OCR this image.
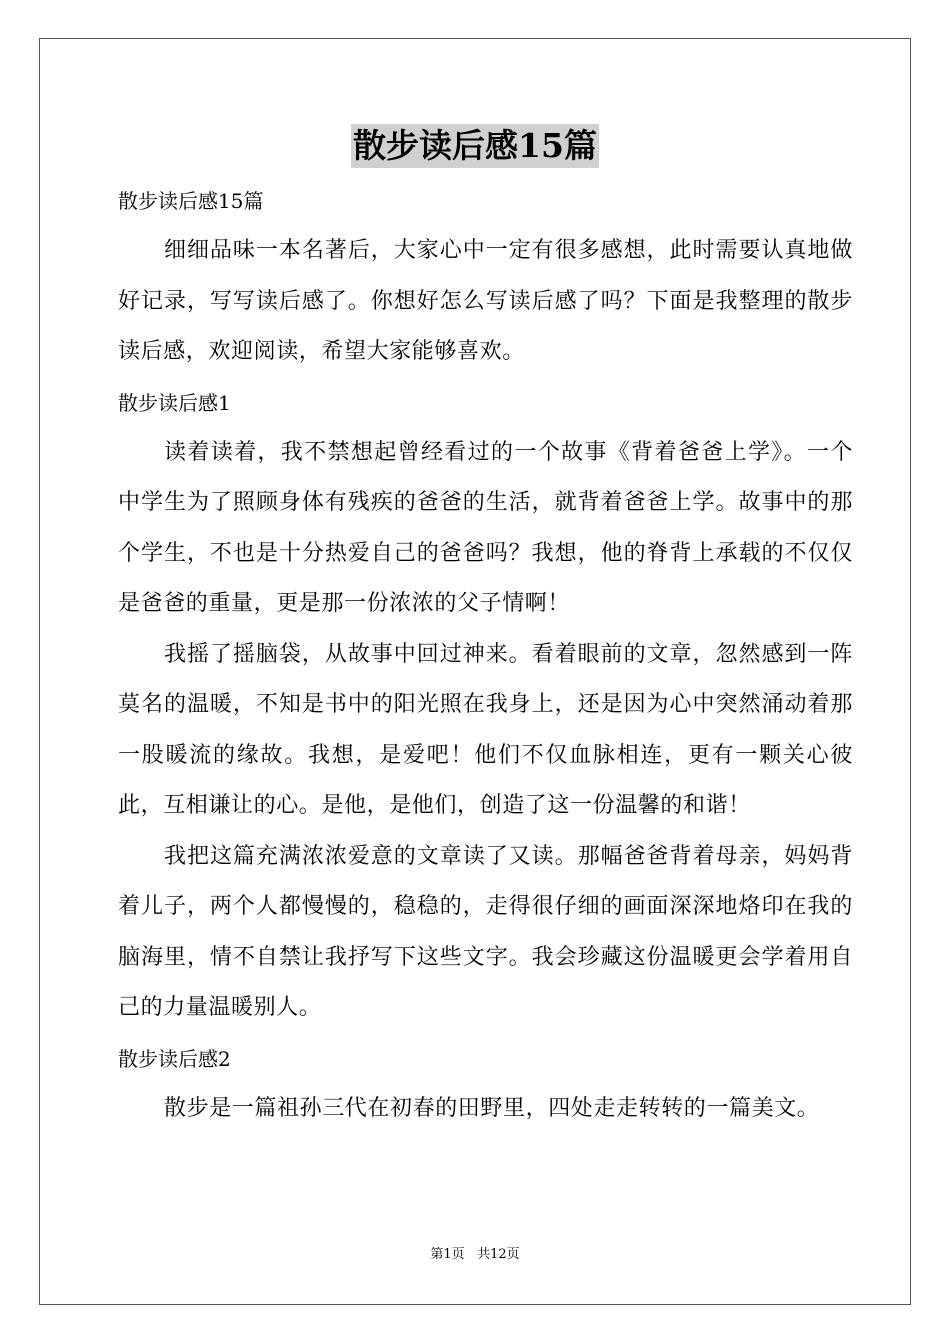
散步读后感15篇

散步读后感15篇

细细品味一本名著后，大家心中一定有很多感想，此时需要认真地做好记录，写写读后感了。你想好怎么写读后感了吗？下面是我整理的散步读后感，欢迎阅读，希望大家能够喜欢。

散步读后感1

读着读着，我不禁想起曾经看过的一个故事《背着爸爸上学》。一个中学生为了照顾身体有残疾的爸爸的生活，就背着爸爸上学。故事中的那个学生，不也是十分热爱自己的爸爸吗？我想，他的脊背上承载的不仅仅是爸爸的重量，更是那一份浓浓的父子情啊！

我摇了摇脑袋，从故事中回过神来。看着眼前的文章，忽然感到一阵莫名的温暖，不知是书中的阳光照在我身上，还是因为心中突然涌动着那一股暖流的缘故。我想，是爱吧！他们不仅血脉相连，更有一颗关心彼此，互相谦让的心。是他，是他们，创造了这一份温馨的和谐！

我把这篇充满浓浓爱意的文章读了又读。那幅爸爸背着母亲，妈妈背着儿子，两个人都慢慢的，稳稳的，走得很仔细的画面深深地烙印在我的脑海里，情不自禁让我抒写下这些文字。我会珍藏这份温暖更会学着用自己的力量温暖别人。

散步读后感2

散步是一篇祖孙三代在初春的田野里，四处走走转转的一篇美文。

第1页 共12页
